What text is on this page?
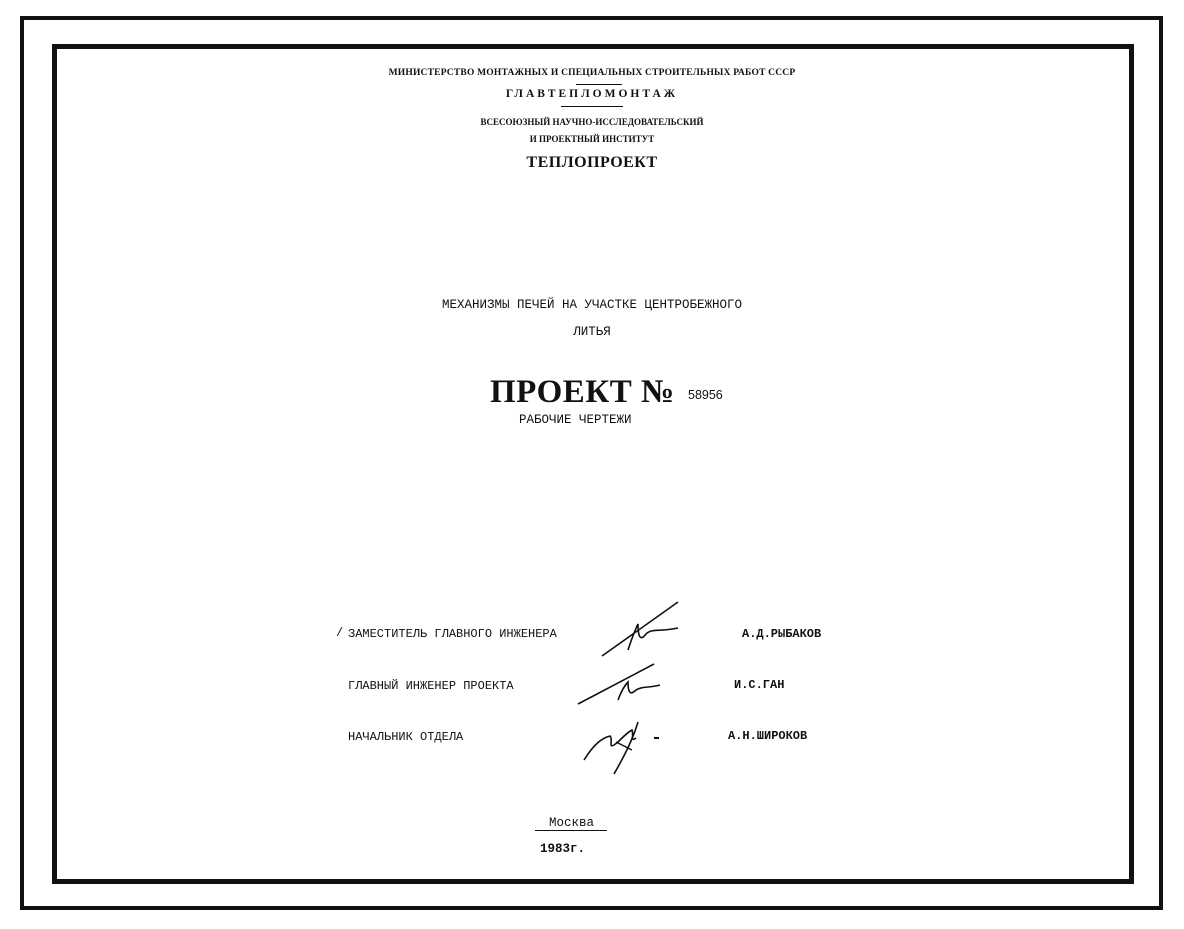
МИНИСТЕРСТВО МОНТАЖНЫХ И СПЕЦИАЛЬНЫХ СТРОИТЕЛЬНЫХ РАБОТ СССР
ГЛАВТЕПЛОМОНТАЖ
ВСЕСОЮЗНЫЙ НАУЧНО-ИССЛЕДОВАТЕЛЬСКИЙ
И ПРОЕКТНЫЙ ИНСТИТУТ
ТЕПЛОПРОЕКТ
МЕХАНИЗМЫ ПЕЧЕЙ НА УЧАСТКЕ ЦЕНТРОБЕЖНОГО
ЛИТЬЯ
ПРОЕКТ № 58956
РАБОЧИЕ ЧЕРТЕЖИ
/ ЗАМЕСТИТЕЛЬ ГЛАВНОГО ИНЖЕНЕРА	А.Д.РЫБАКОВ
ГЛАВНЫЙ ИНЖЕНЕР ПРОЕКТА	И.С.ГАН
НАЧАЛЬНИК ОТДЕЛА	А.Н.ШИРОКОВ
Москва
1983г.
